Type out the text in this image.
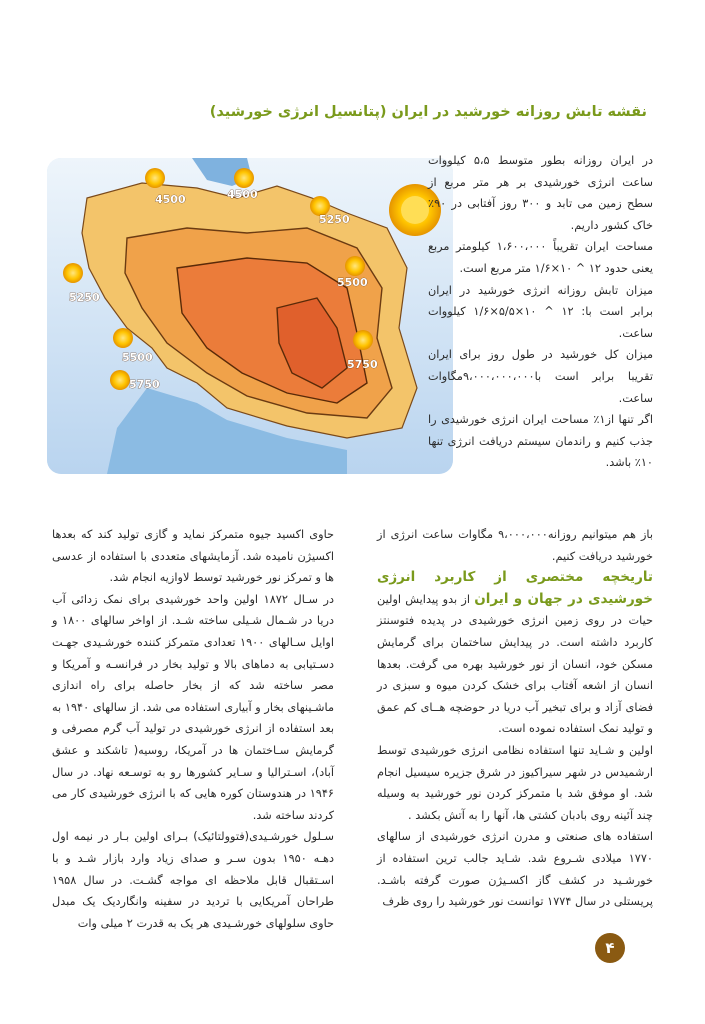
نقشه تابش روزانه خورشید در ایران (پتانسیل انرژی خورشید)
4500	4500
5250
5250
5500
5500
5750
5750

در ایران روزانه بطور متوسط ۵،۵ کیلووات ساعت انرژی خورشیدی بر هر متر مربع از سطح زمین می تابد و ۳۰۰ روز آفتابی در ۹۰٪ خاک کشور داریم.

مساحت ایران تقریباً ۱،۶۰۰،۰۰۰ کیلومتر مربع یعنی حدود ۱۲ ^ ۱۰×۱/۶ متر مربع است.

میزان تابش روزانه انرژی خورشید در ایران برابر است با: ۱۲ ^ ۱۰×۵/۵×۱/۶ کیلووات ساعت.

میزان کل خورشید در طول روز برای ایران تقریبا برابر است با۹،۰۰۰،۰۰۰،۰۰۰مگاوات ساعت.

اگر تنها از۱٪ مساحت ایران انرژی خورشیدی را جذب کنیم و راندمان سیستم دریافت انرژی تنها ۱۰٪ باشد.

باز هم میتوانیم روزانه۹،۰۰۰،۰۰۰ مگاوات ساعت انرژی از خورشید دریافت کنیم.

تاریخچه مختصری از کاربرد انرژی خورشیدی در جهان و ایران از بدو پیدایش اولین حیات در روی زمین انرژی خورشیدی در پدیده فتوسنتز کاربرد داشته است. در پیدایش ساختمان برای گرمایش مسکن خود، انسان از نور خورشید بهره می گرفت. بعدها انسان از اشعه آفتاب برای خشک کردن میوه و سبزی در فضای آزاد و برای تبخیر آب دریا در حوضچه هــای کم عمق و تولید نمک استفاده نموده است.

اولین و شـاید تنها استفاده نظامی انرژی خورشیدی توسط ارشمیدس در شهر سیراکیوز در شرق جزیره سیسیل انجام شد. او موفق شد با متمرکز کردن نور خورشید به وسیله چند آئینه روی بادبان کشتی ها، آنها را به آتش بکشد .

استفاده های صنعتی و مدرن انرژی خورشیدی از سالهای ۱۷۷۰ میلادی شـروع شد. شـاید جالب ترین استفاده از خورشـید در کشف گاز اکسـیژن صورت گرفته باشـد. پریستلی در سال ۱۷۷۴ توانست نور خورشید را روی ظرف

حاوی اکسید جیوه متمرکز نماید و گازی تولید کند که بعدها اکسیژن نامیده شد. آزمایشهای متعددی با استفاده از عدسی ها و تمرکز نور خورشید توسط لاوازیه انجام شد.

در سـال ۱۸۷۲ اولین واحد خورشیدی برای نمک زدائی آب دریا در شـمال شـیلی ساخته شـد. از اواخر سالهای ۱۸۰۰ و اوایل سـالهای ۱۹۰۰ تعدادی متمرکز کننده خورشـیدی جهـت دسـتیابی به دماهای بالا و تولید بخار در فرانسـه و آمریکا و مصر ساخته شد که از بخار حاصله برای راه اندازی ماشـینهای بخار و آبیاری استفاده می شد. از سالهای ۱۹۴۰ به بعد استفاده از انرژی خورشیدی در تولید آب گرم مصرفی و گرمایش سـاختمان ها در آمریکا، روسیه( تاشکند و عشق آباد)، اسـترالیا و سـایر کشورها رو به توسـعه نهاد. در سال ۱۹۴۶ در هندوستان کوره هایی که با انرژی خورشیدی کار می کردند ساخته شد.

سـلول خورشـیدی(فتوولتائیک) بـرای اولین بـار در نیمه اول دهـه ۱۹۵۰ بدون سـر و صدای زیاد وارد بازار شـد و با اسـتقبال قابل ملاحظه ای مواجه گشـت. در سال ۱۹۵۸ طراحان آمریکایی با تردید در سفینه وانگاردیک یک مبدل حاوی سلولهای خورشـیدی هر یک به قدرت ۲ میلی وات

۴
